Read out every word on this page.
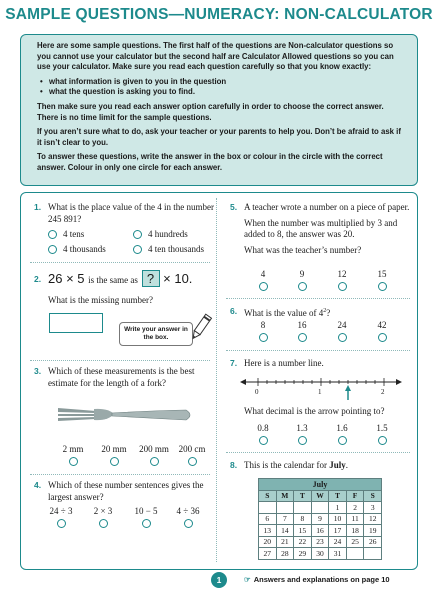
SAMPLE QUESTIONS—NUMERACY: NON-CALCULATOR

Here are some sample questions. The first half of the questions are Non-calculator questions so you cannot use your calculator but the second half are Calculator Allowed questions so you can use your calculator. Make sure you read each question carefully so that you know exactly:

• what information is given to you in the question
• what the question is asking you to find.

Then make sure you read each answer option carefully in order to choose the correct answer. There is no time limit for the sample questions.

If you aren’t sure what to do, ask your teacher or your parents to help you. Don’t be afraid to ask if it isn’t clear to you.

To answer these questions, write the answer in the box or colour in the circle with the correct answer. Colour in only one circle for each answer.

1. What is the place value of the 4 in the number 245 891?
4 tens	4 hundreds
4 thousands	4 ten thousands
2. 26 × 5 is the same as ? × 10.
What is the missing number?
Write your answer in the box.
3. Which of these measurements is the best estimate for the length of a fork?
2 mm	20 mm	200 mm	200 cm
4. Which of these number sentences gives the largest answer?
24 ÷ 3	2 × 3	10 − 5	4 ÷ 36
5. A teacher wrote a number on a piece of paper.
When the number was multiplied by 3 and added to 8, the answer was 20.
What was the teacher’s number?
4	9	12	15
6. What is the value of $4^2$?
8	16	24	42
7. Here is a number line.
0	1	2
What decimal is the arrow pointing to?
0.8	1.3	1.6	1.5
8. This is the calendar for July.
July						
S	M	T	W	T	F	S
				1	2	3
6	7	8	9	10	11	12
13	14	15	16	17	18	19
20	21	22	23	24	25	26
27	28	29	30	31		
1	☞ Answers and explanations on page 10
